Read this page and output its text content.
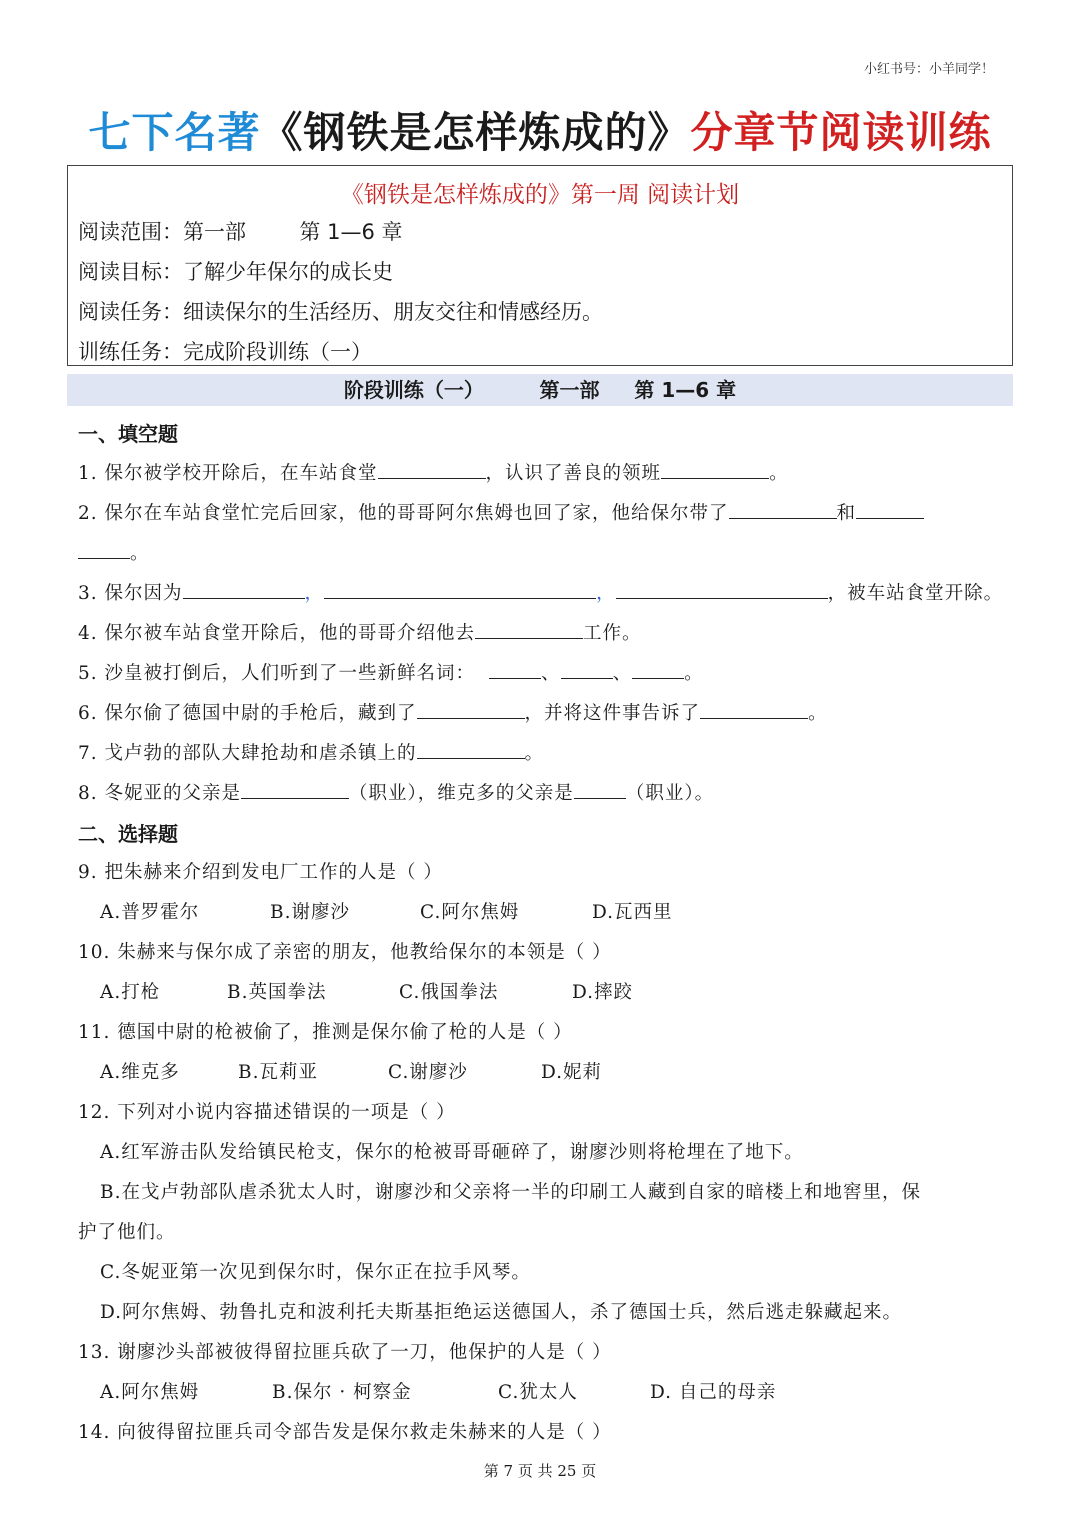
小红书号：小羊同学！
七下名著《钢铁是怎样炼成的》分章节阅读训练
《钢铁是怎样炼成的》第一周 阅读计划
阅读范围：第一部        第 1—6 章
阅读目标：了解少年保尔的成长史
阅读任务：细读保尔的生活经历、朋友交往和情感经历。
训练任务：完成阶段训练（一）
阶段训练（一）        第一部     第 1—6 章
一、填空题
1. 保尔被学校开除后，在车站食堂	，认识了善良的领班	。
2. 保尔在车站食堂忙完后回家，他的哥哥阿尔焦姆也回了家，他给保尔带了	和
。
3. 保尔因为	，	，	，被车站食堂开除。
4. 保尔被车站食堂开除后，他的哥哥介绍他去	工作。
5. 沙皇被打倒后，人们听到了一些新鲜名词：	、	、	。
6. 保尔偷了德国中尉的手枪后，藏到了	，并将这件事告诉了	。
7. 戈卢勃的部队大肆抢劫和虐杀镇上的	。
8. 冬妮亚的父亲是	（职业），维克多的父亲是	（职业）。
二、选择题
9. 把朱赫来介绍到发电厂工作的人是（ ）
A.普罗霍尔	B.谢廖沙	C.阿尔焦姆	D.瓦西里
10. 朱赫来与保尔成了亲密的朋友，他教给保尔的本领是（ ）
A.打枪	B.英国拳法	C.俄国拳法	D.摔跤
11. 德国中尉的枪被偷了，推测是保尔偷了枪的人是（ ）
A.维克多	B.瓦莉亚	C.谢廖沙	D.妮莉
12. 下列对小说内容描述错误的一项是（ ）
A.红军游击队发给镇民枪支，保尔的枪被哥哥砸碎了，谢廖沙则将枪埋在了地下。
B.在戈卢勃部队虐杀犹太人时，谢廖沙和父亲将一半的印刷工人藏到自家的暗楼上和地窖里，保
护了他们。
C.冬妮亚第一次见到保尔时，保尔正在拉手风琴。
D.阿尔焦姆、勃鲁扎克和波利托夫斯基拒绝运送德国人，杀了德国士兵，然后逃走躲藏起来。
13. 谢廖沙头部被彼得留拉匪兵砍了一刀，他保护的人是（ ）
A.阿尔焦姆	B.保尔 · 柯察金	C.犹太人	D. 自己的母亲
14. 向彼得留拉匪兵司令部告发是保尔救走朱赫来的人是（ ）
第 7 页 共 25 页
